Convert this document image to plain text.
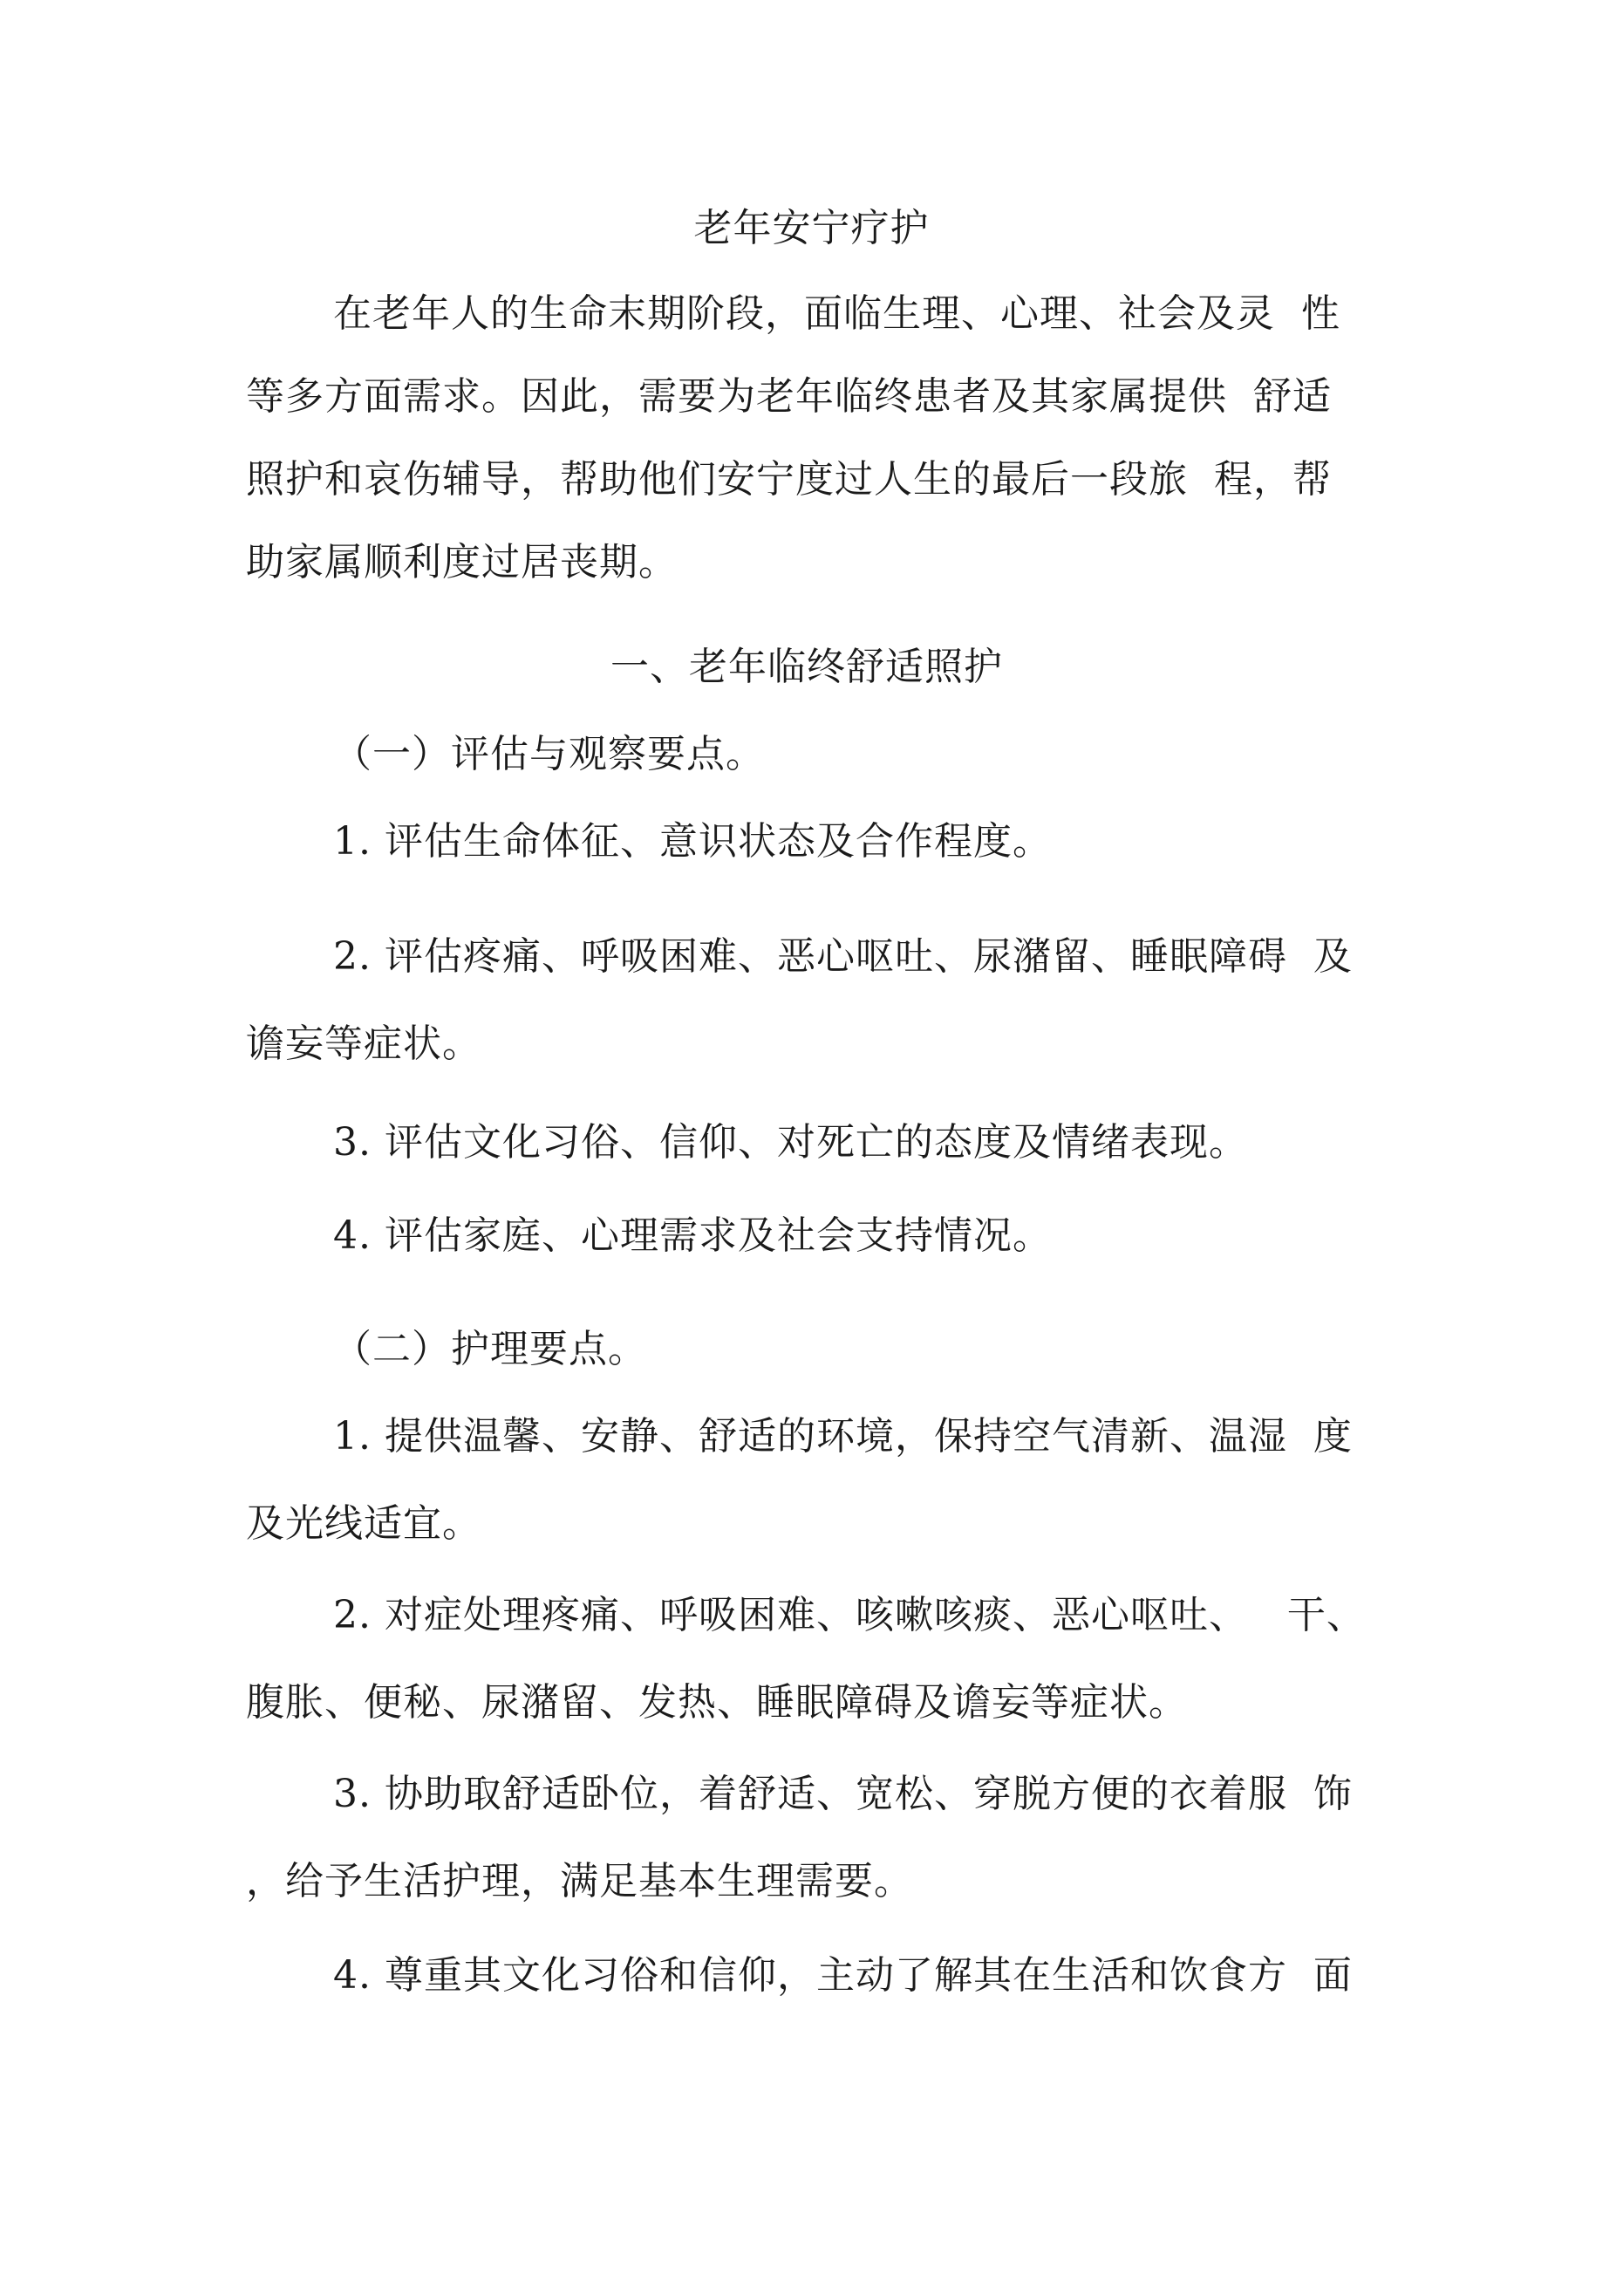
老年安宁疗护
在老年人的生命末期阶段，面临生理、心理、社会及灵  性
等多方面需求。因此，需要为老年临终患者及其家属提供  舒适
照护和哀伤辅导，帮助他们安宁度过人生的最后一段旅  程，帮
助家属顺利度过居丧期。
一、老年临终舒适照护
（一）评估与观察要点。
1. 评估生命体征、意识状态及合作程度。
2. 评估疼痛、呼吸困难、恶心呕吐、尿潴留、睡眠障碍  及
谵妄等症状。
3. 评估文化习俗、信仰、对死亡的态度及情绪表现。
4. 评估家庭、心理需求及社会支持情况。
（二）护理要点。
1. 提供温馨、安静、舒适的环境，保持空气清新、温湿  度
及光线适宜。
2. 对症处理疼痛、呼吸困难、咳嗽咳痰、恶心呕吐、   干、
腹胀、便秘、尿潴留、发热、睡眠障碍及谵妄等症状。
3. 协助取舒适卧位，着舒适、宽松、穿脱方便的衣着服  饰
，给予生活护理，满足基本生理需要。
4. 尊重其文化习俗和信仰，主动了解其在生活和饮食方  面
